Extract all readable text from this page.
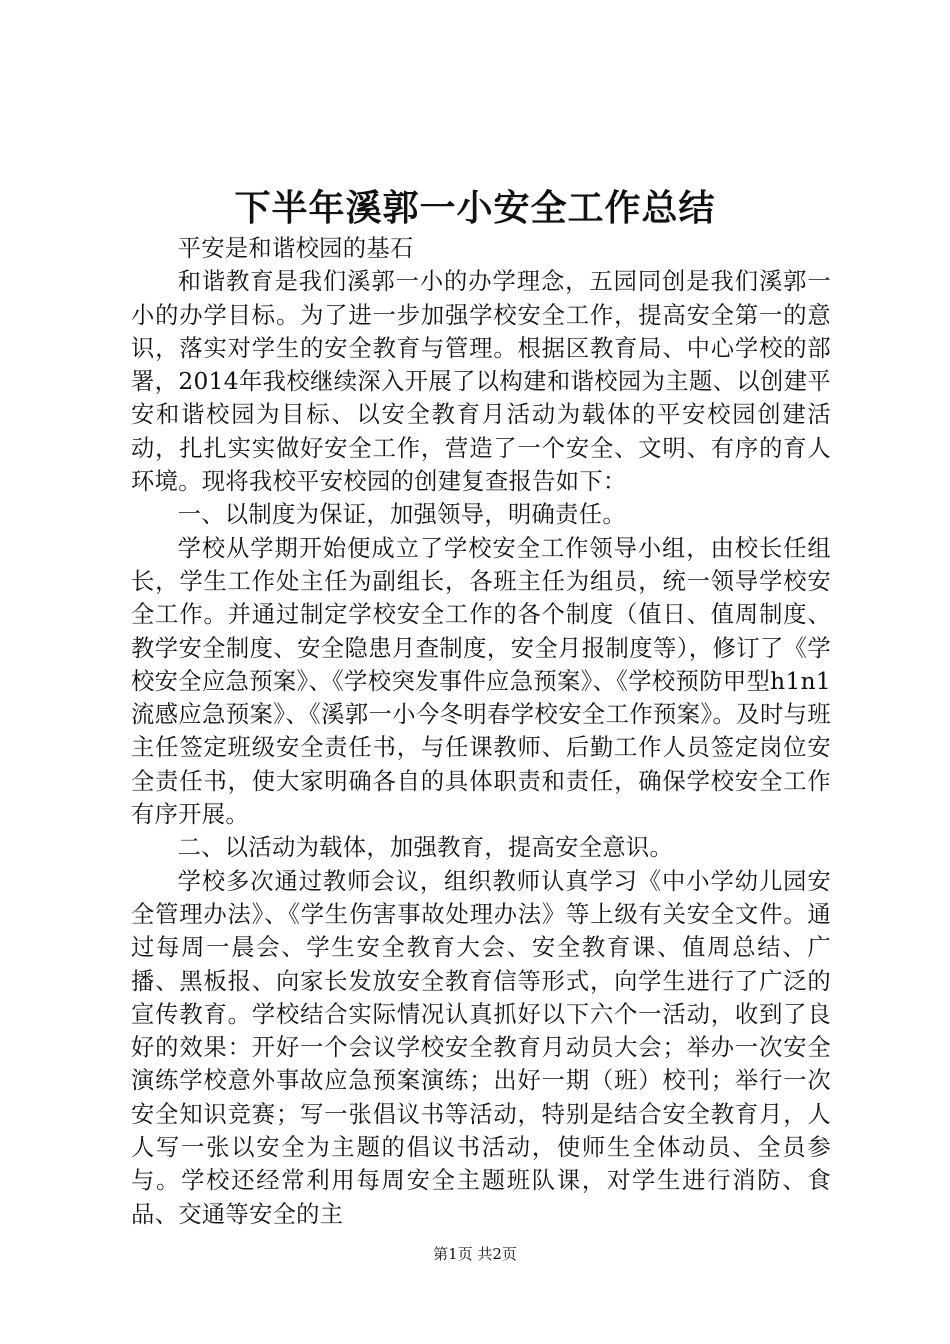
下半年溪郭一小安全工作总结

平安是和谐校园的基石

和谐教育是我们溪郭一小的办学理念，五园同创是我们溪郭一小的办学目标。为了进一步加强学校安全工作，提高安全第一的意识，落实对学生的安全教育与管理。根据区教育局、中心学校的部署，2014年我校继续深入开展了以构建和谐校园为主题、以创建平安和谐校园为目标、以安全教育月活动为载体的平安校园创建活动，扎扎实实做好安全工作，营造了一个安全、文明、有序的育人环境。现将我校平安校园的创建复查报告如下：

一、以制度为保证，加强领导，明确责任。

学校从学期开始便成立了学校安全工作领导小组，由校长任组长，学生工作处主任为副组长，各班主任为组员，统一领导学校安全工作。并通过制定学校安全工作的各个制度（值日、值周制度、教学安全制度、安全隐患月查制度，安全月报制度等），修订了《学校安全应急预案》、《学校突发事件应急预案》、《学校预防甲型h1n1流感应急预案》、《溪郭一小今冬明春学校安全工作预案》。及时与班主任签定班级安全责任书，与任课教师、后勤工作人员签定岗位安全责任书，使大家明确各自的具体职责和责任，确保学校安全工作有序开展。

二、以活动为载体，加强教育，提高安全意识。

学校多次通过教师会议，组织教师认真学习《中小学幼儿园安全管理办法》、《学生伤害事故处理办法》等上级有关安全文件。通过每周一晨会、学生安全教育大会、安全教育课、值周总结、广播、黑板报、向家长发放安全教育信等形式，向学生进行了广泛的宣传教育。学校结合实际情况认真抓好以下六个一活动，收到了良好的效果：开好一个会议学校安全教育月动员大会；举办一次安全演练学校意外事故应急预案演练；出好一期（班）校刊；举行一次安全知识竞赛；写一张倡议书等活动，特别是结合安全教育月，人人写一张以安全为主题的倡议书活动，使师生全体动员、全员参与。学校还经常利用每周安全主题班队课，对学生进行消防、食品、交通等安全的主

第1页 共2页
